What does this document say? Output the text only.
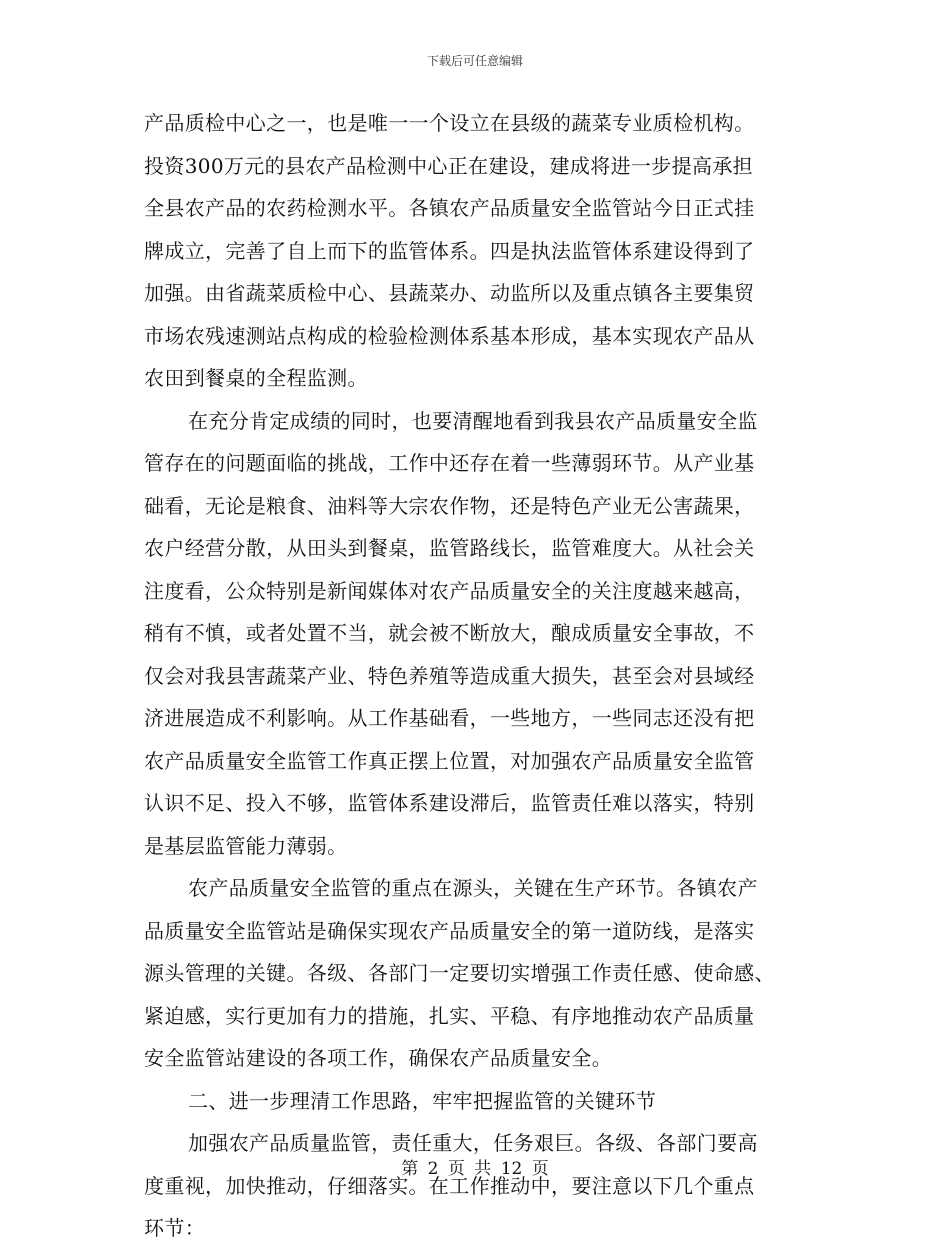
下载后可任意编辑
产品质检中心之一，也是唯一一个设立在县级的蔬菜专业质检机构。
投资300万元的县农产品检测中心正在建设，建成将进一步提高承担
全县农产品的农药检测水平。各镇农产品质量安全监管站今日正式挂
牌成立，完善了自上而下的监管体系。四是执法监管体系建设得到了
加强。由省蔬菜质检中心、县蔬菜办、动监所以及重点镇各主要集贸
市场农残速测站点构成的检验检测体系基本形成，基本实现农产品从
农田到餐桌的全程监测。
在充分肯定成绩的同时，也要清醒地看到我县农产品质量安全监
管存在的问题面临的挑战，工作中还存在着一些薄弱环节。从产业基
础看，无论是粮食、油料等大宗农作物，还是特色产业无公害蔬果，
农户经营分散，从田头到餐桌，监管路线长，监管难度大。从社会关
注度看，公众特别是新闻媒体对农产品质量安全的关注度越来越高，
稍有不慎，或者处置不当，就会被不断放大，酿成质量安全事故，不
仅会对我县害蔬菜产业、特色养殖等造成重大损失，甚至会对县域经
济进展造成不利影响。从工作基础看，一些地方，一些同志还没有把
农产品质量安全监管工作真正摆上位置，对加强农产品质量安全监管
认识不足、投入不够，监管体系建设滞后，监管责任难以落实，特别
是基层监管能力薄弱。
农产品质量安全监管的重点在源头，关键在生产环节。各镇农产
品质量安全监管站是确保实现农产品质量安全的第一道防线，是落实
源头管理的关键。各级、各部门一定要切实增强工作责任感、使命感、
紧迫感，实行更加有力的措施，扎实、平稳、有序地推动农产品质量
安全监管站建设的各项工作，确保农产品质量安全。
二、进一步理清工作思路，牢牢把握监管的关键环节
加强农产品质量监管，责任重大，任务艰巨。各级、各部门要高
度重视，加快推动，仔细落实。在工作推动中，要注意以下几个重点
环节：
第 2 页 共 12 页
